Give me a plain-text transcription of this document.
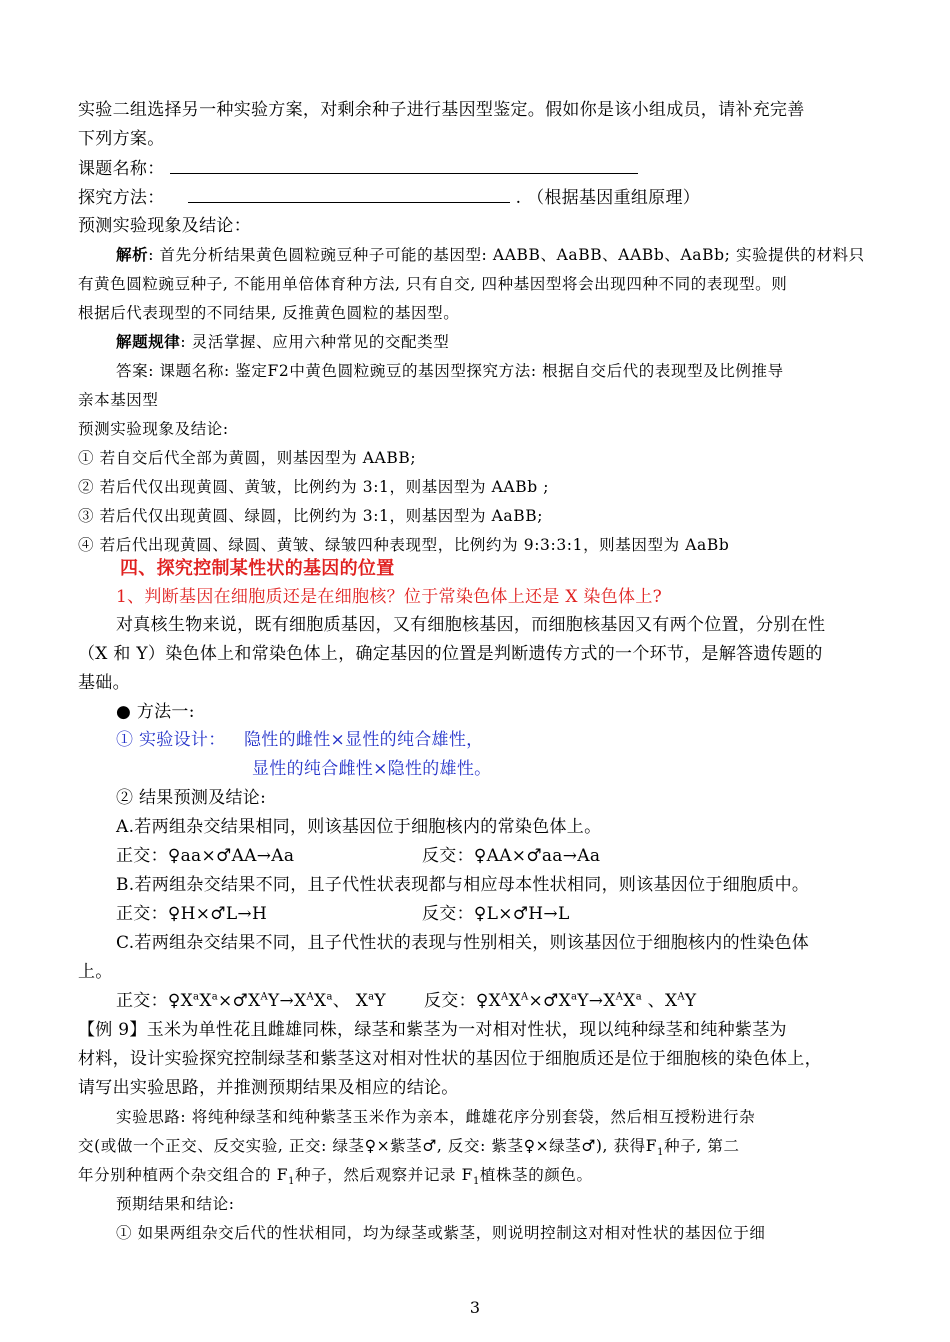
实验二组选择另一种实验方案，对剩余种子进行基因型鉴定。假如你是该小组成员，请补充完善
下列方案。
课题名称：
探究方法：	. （根据基因重组原理）
预测实验现象及结论：
解析: 首先分析结果黄色圆粒豌豆种子可能的基因型: AABB、AaBB、AABb、AaBb; 实验提供的材料只
有黄色圆粒豌豆种子, 不能用单倍体育种方法, 只有自交, 四种基因型将会出现四种不同的表现型。则
根据后代表现型的不同结果, 反推黄色圆粒的基因型。
解题规律: 灵活掌握、应用六种常见的交配类型
答案: 课题名称: 鉴定F2中黄色圆粒豌豆的基因型探究方法: 根据自交后代的表现型及比例推导
亲本基因型
预测实验现象及结论:
① 若自交后代全部为黄圆，则基因型为 AABB;
② 若后代仅出现黄圆、黄皱，比例约为 3:1，则基因型为 AABb ;
③ 若后代仅出现黄圆、绿圆，比例约为 3:1，则基因型为 AaBB;
④ 若后代出现黄圆、绿圆、黄皱、绿皱四种表现型，比例约为 9:3:3:1，则基因型为 AaBb
四、探究控制某性状的基因的位置
1、判断基因在细胞质还是在细胞核？位于常染色体上还是 X 染色体上?
对真核生物来说，既有细胞质基因，又有细胞核基因，而细胞核基因又有两个位置，分别在性
（X 和 Y）染色体上和常染色体上，确定基因的位置是判断遗传方式的一个环节，是解答遗传题的
基础。
● 方法一:
① 实验设计： 隐性的雌性×显性的纯合雄性，
显性的纯合雌性×隐性的雄性。
② 结果预测及结论:
A.若两组杂交结果相同，则该基因位于细胞核内的常染色体上。
正交：♀aa×♂AA→Aa	反交：♀AA×♂aa→Aa
B.若两组杂交结果不同，且子代性状表现都与相应母本性状相同，则该基因位于细胞质中。
正交：♀H×♂L→H	反交：♀L×♂H→L
C.若两组杂交结果不同，且子代性状的表现与性别相关，则该基因位于细胞核内的性染色体
上。
正交：$♀X^aX^a\times♂X^AY\to X^AX^a$、 $X^aY$ 反交：$♀X^AX^A\times♂X^aY\to X^AX^a$ 、$X^AY$
【例 9】玉米为单性花且雌雄同株，绿茎和紫茎为一对相对性状，现以纯种绿茎和纯种紫茎为
材料，设计实验探究控制绿茎和紫茎这对相对性状的基因位于细胞质还是位于细胞核的染色体上，
请写出实验思路，并推测预期结果及相应的结论。
实验思路: 将纯种绿茎和纯种紫茎玉米作为亲本，雌雄花序分别套袋，然后相互授粉进行杂
交(或做一个正交、反交实验, 正交: 绿茎♀×紫茎♂, 反交: 紫茎♀×绿茎♂), 获得$F_1$种子, 第二
年分别种植两个杂交组合的 $F_1$种子，然后观察并记录 $F_1$植株茎的颜色。
预期结果和结论:
① 如果两组杂交后代的性状相同，均为绿茎或紫茎，则说明控制这对相对性状的基因位于细
3
